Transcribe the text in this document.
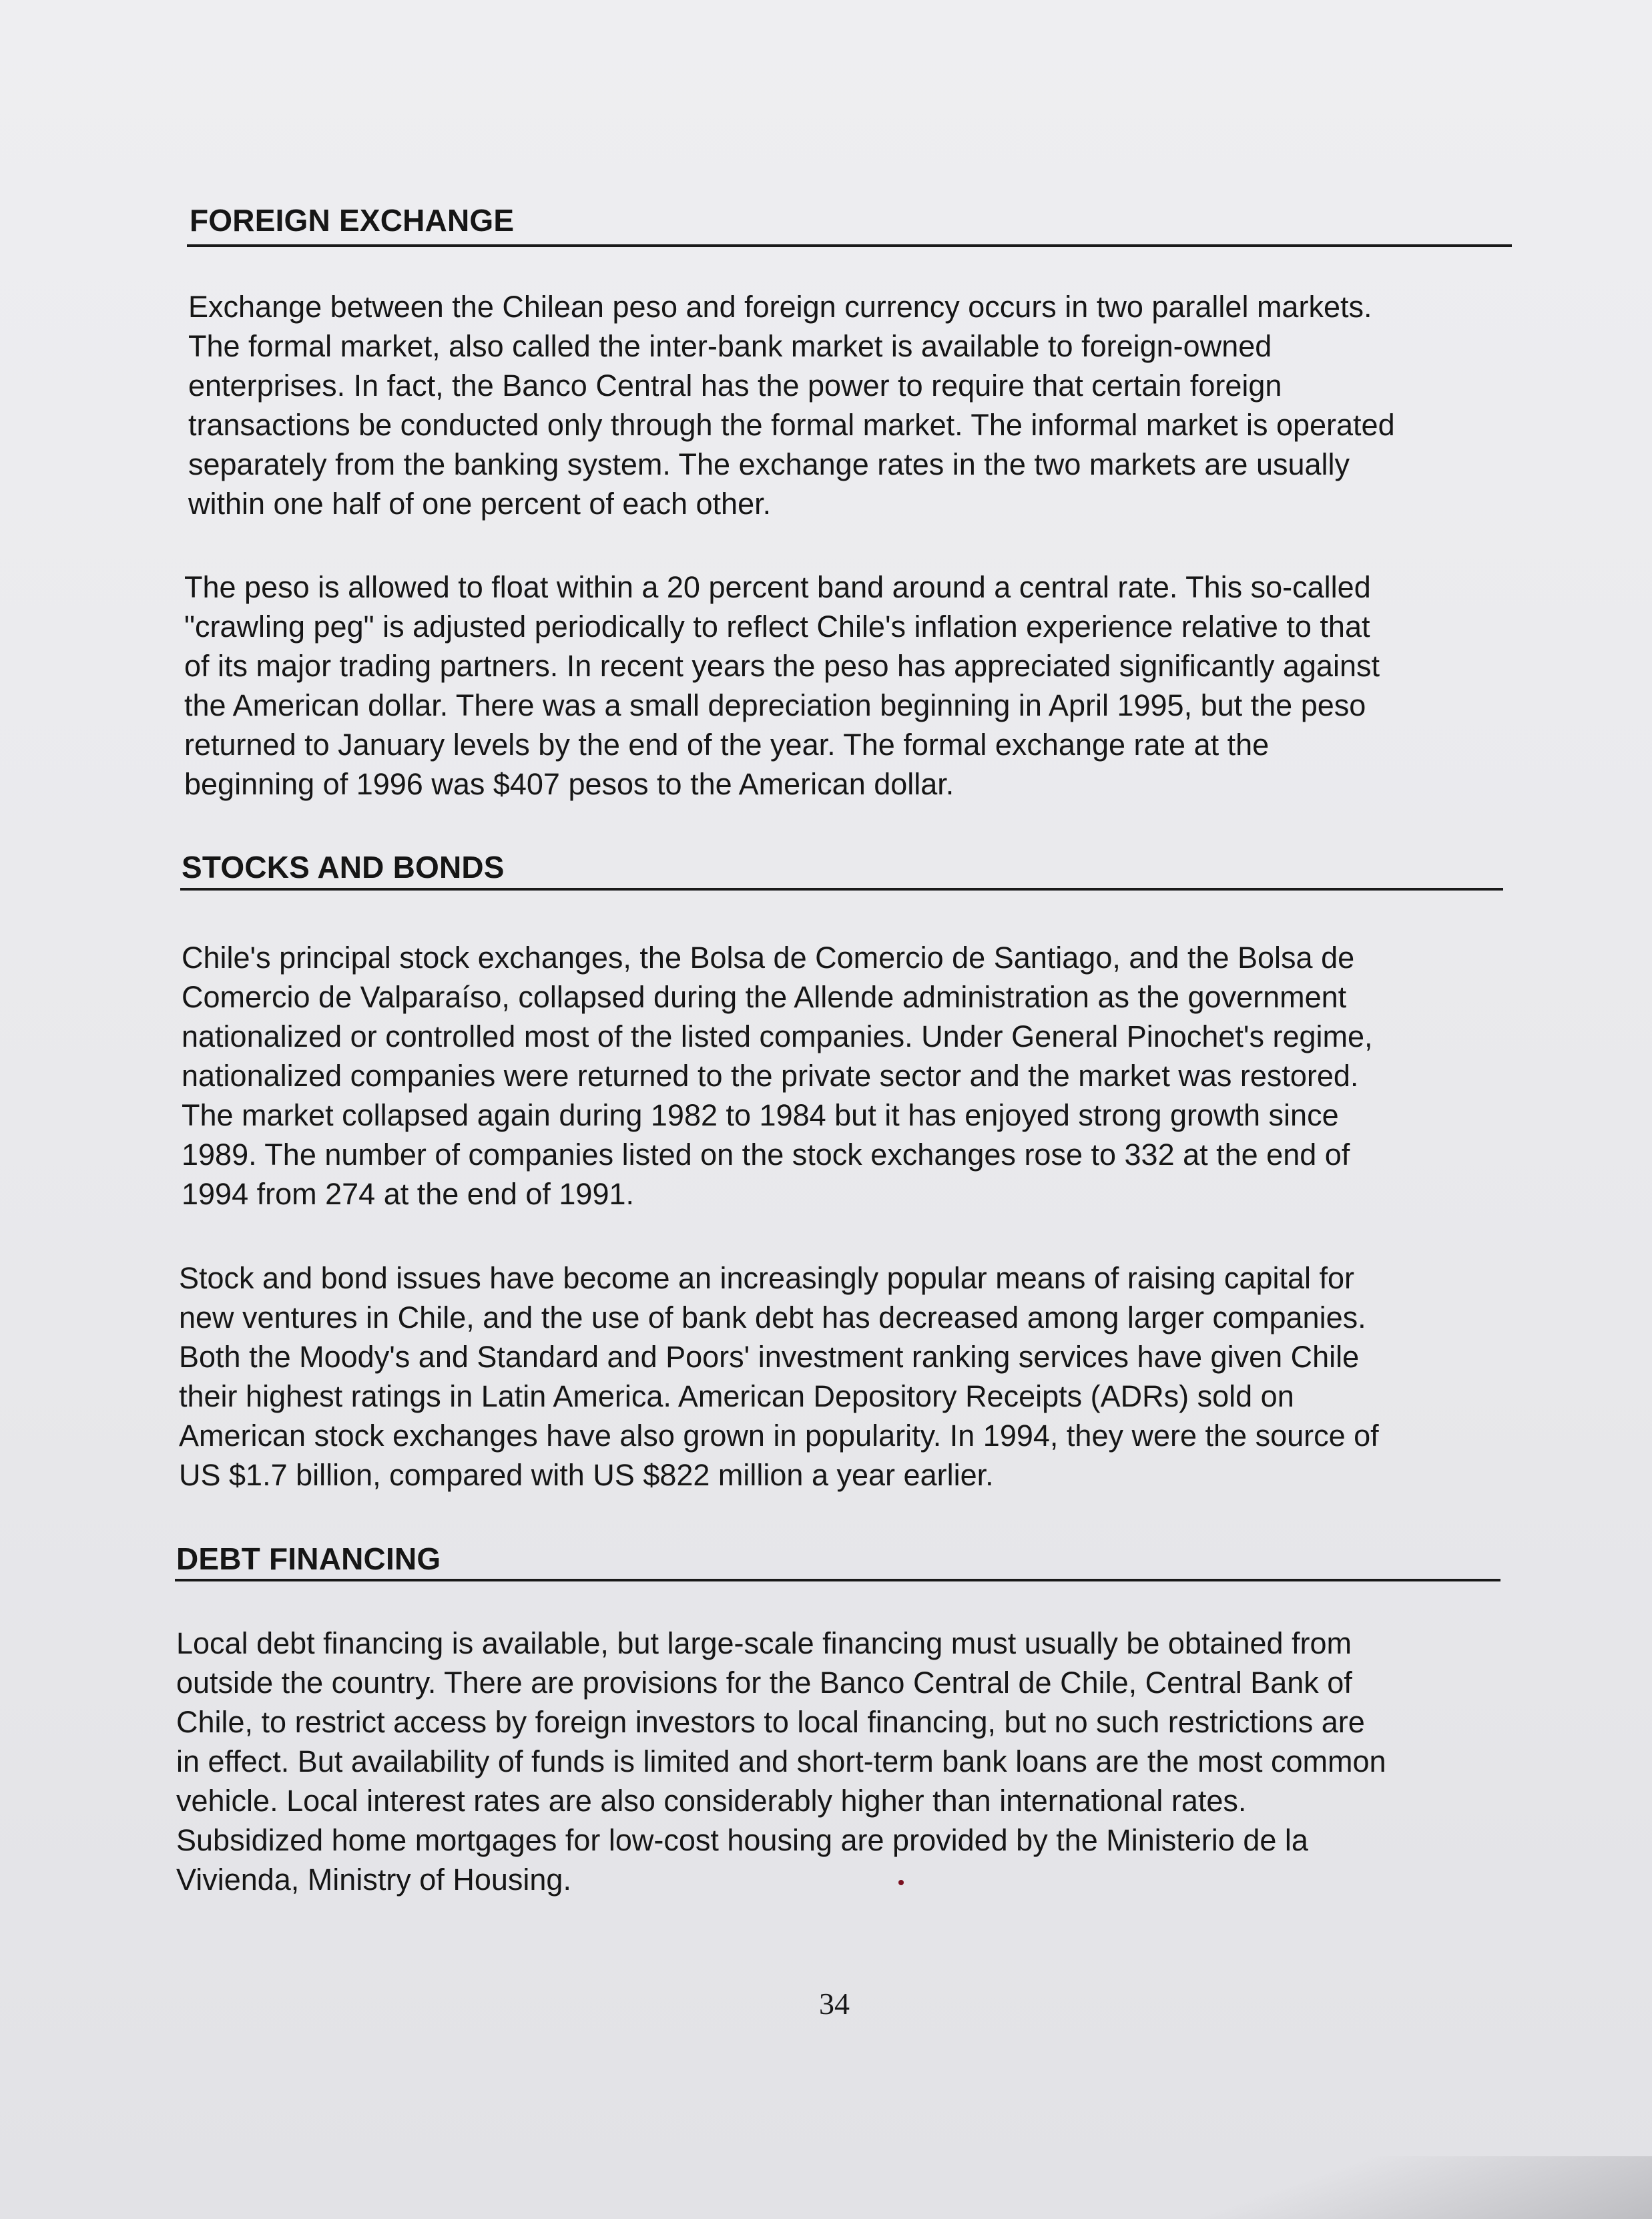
FOREIGN EXCHANGE
Exchange between the Chilean peso and foreign currency occurs in two parallel markets.
The formal market, also called the inter-bank market is available to foreign-owned
enterprises. In fact, the Banco Central has the power to require that certain foreign
transactions be conducted only through the formal market. The informal market is operated
separately from the banking system. The exchange rates in the two markets are usually
within one half of one percent of each other.
The peso is allowed to float within a 20 percent band around a central rate. This so-called
"crawling peg" is adjusted periodically to reflect Chile's inflation experience relative to that
of its major trading partners. In recent years the peso has appreciated significantly against
the American dollar. There was a small depreciation beginning in April 1995, but the peso
returned to January levels by the end of the year. The formal exchange rate at the
beginning of 1996 was $407 pesos to the American dollar.
STOCKS AND BONDS
Chile's principal stock exchanges, the Bolsa de Comercio de Santiago, and the Bolsa de
Comercio de Valparaíso, collapsed during the Allende administration as the government
nationalized or controlled most of the listed companies. Under General Pinochet's regime,
nationalized companies were returned to the private sector and the market was restored.
The market collapsed again during 1982 to 1984 but it has enjoyed strong growth since
1989. The number of companies listed on the stock exchanges rose to 332 at the end of
1994 from 274 at the end of 1991.
Stock and bond issues have become an increasingly popular means of raising capital for
new ventures in Chile, and the use of bank debt has decreased among larger companies.
Both the Moody's and Standard and Poors' investment ranking services have given Chile
their highest ratings in Latin America. American Depository Receipts (ADRs) sold on
American stock exchanges have also grown in popularity. In 1994, they were the source of
US $1.7 billion, compared with US $822 million a year earlier.
DEBT FINANCING
Local debt financing is available, but large-scale financing must usually be obtained from
outside the country. There are provisions for the Banco Central de Chile, Central Bank of
Chile, to restrict access by foreign investors to local financing, but no such restrictions are
in effect. But availability of funds is limited and short-term bank loans are the most common
vehicle. Local interest rates are also considerably higher than international rates.
Subsidized home mortgages for low-cost housing are provided by the Ministerio de la
Vivienda, Ministry of Housing.
34
